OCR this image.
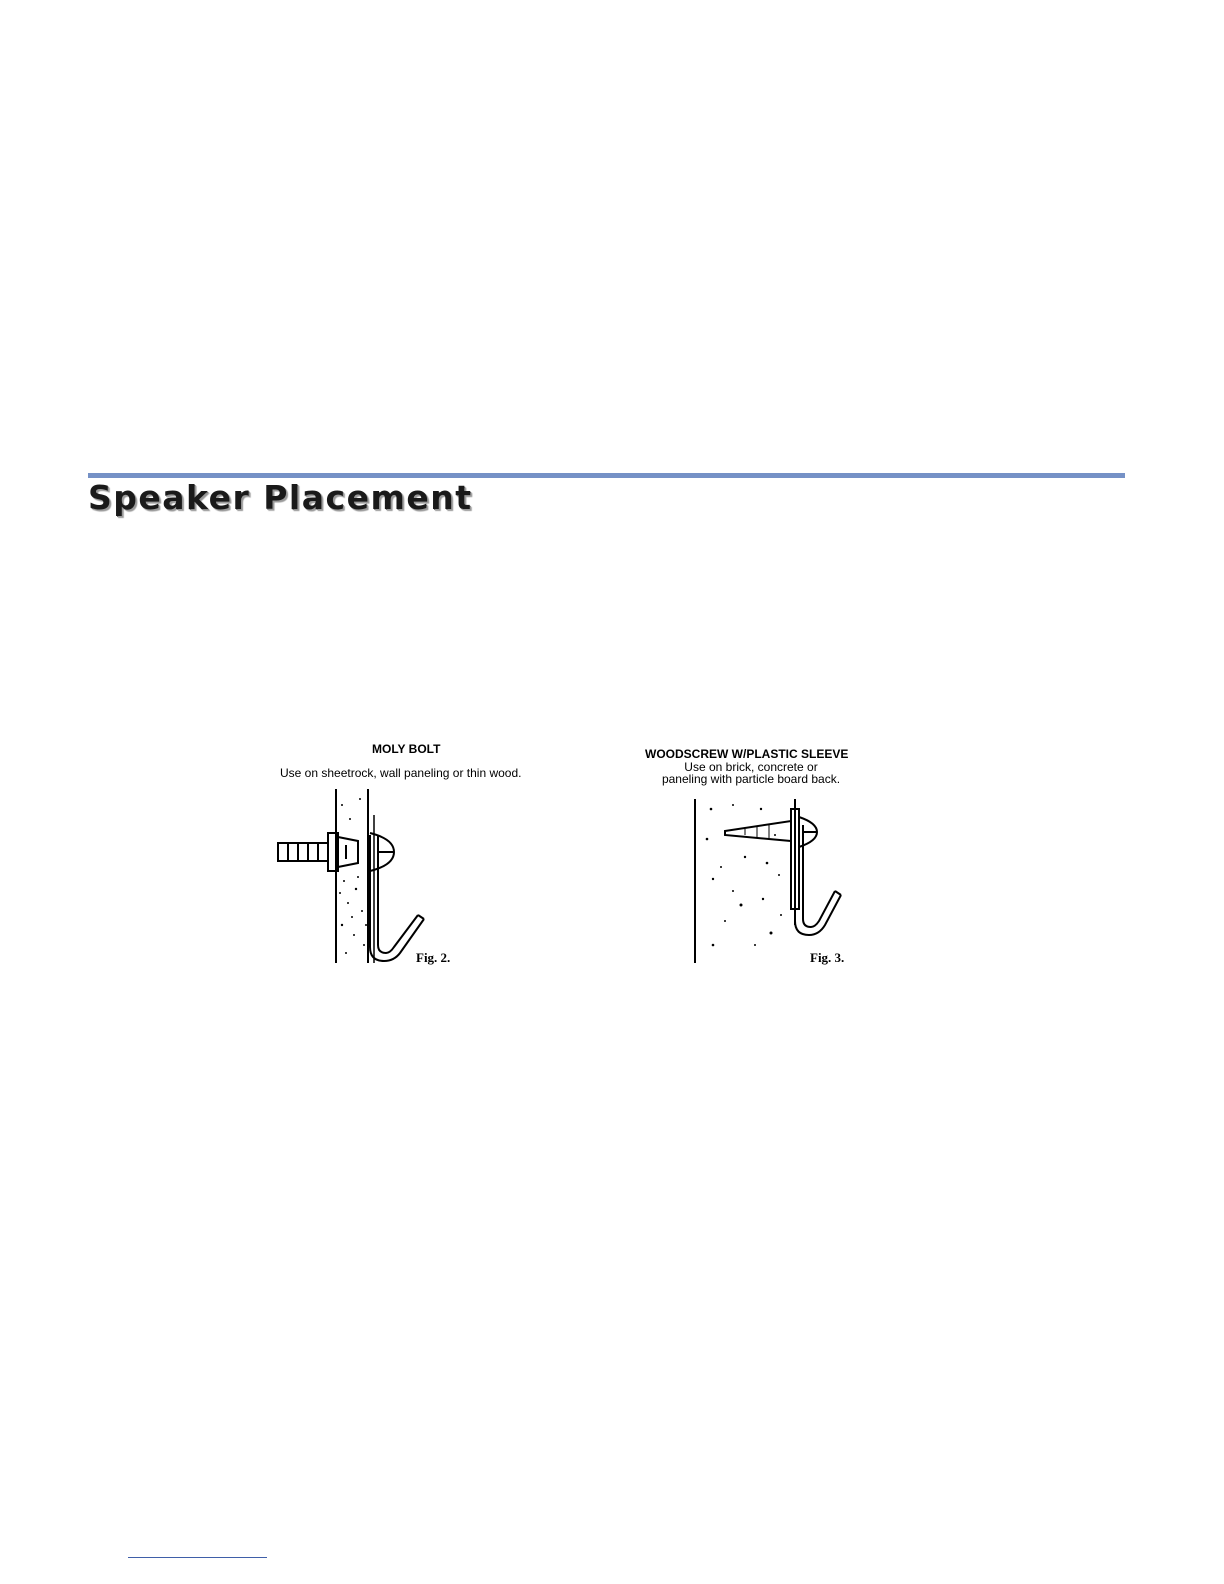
Speaker Placement
MOLY BOLT
Use on sheetrock, wall paneling or thin wood.
Fig. 2.
WOODSCREW W/PLASTIC SLEEVE
Use on brick, concrete or
paneling with particle board back.
Fig. 3.
